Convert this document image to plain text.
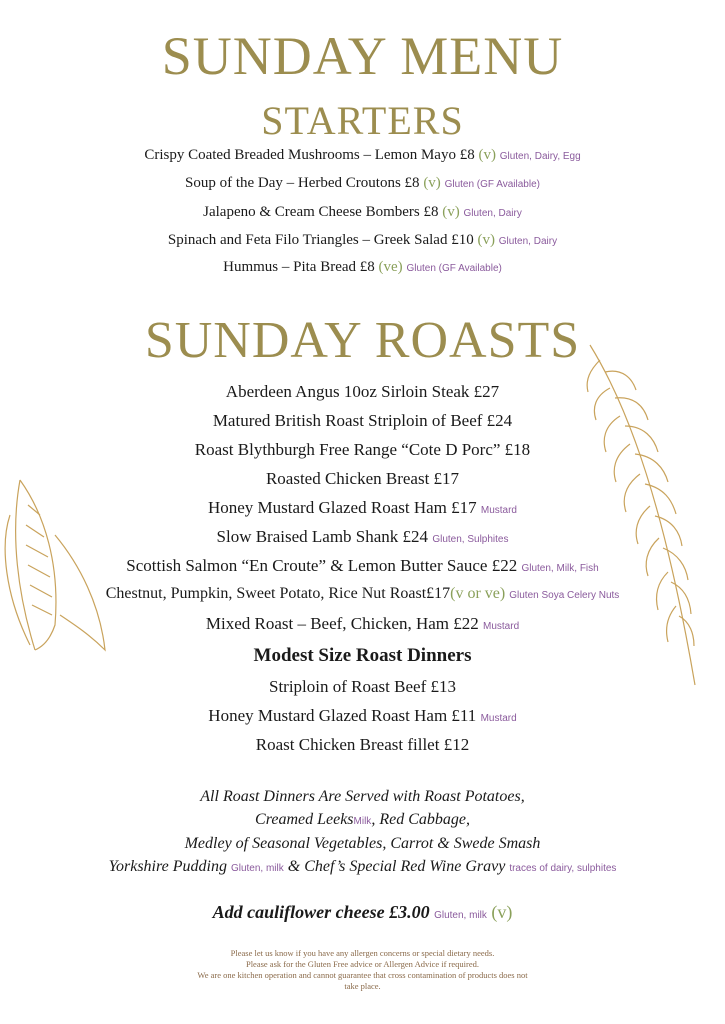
SUNDAY MENU
STARTERS
Crispy Coated Breaded Mushrooms – Lemon Mayo £8 (v) Gluten, Dairy, Egg
Soup of the Day – Herbed Croutons £8 (v) Gluten (GF Available)
Jalapeno & Cream Cheese Bombers £8 (v) Gluten, Dairy
Spinach and Feta Filo Triangles – Greek Salad £10 (v) Gluten, Dairy
Hummus – Pita Bread £8 (ve) Gluten (GF Available)
SUNDAY ROASTS
Aberdeen Angus 10oz Sirloin Steak £27
Matured British Roast Striploin of Beef £24
Roast Blythburgh Free Range “Cote D Porc” £18
Roasted Chicken Breast £17
Honey Mustard Glazed Roast Ham £17 Mustard
Slow Braised Lamb Shank £24 Gluten, Sulphites
Scottish Salmon “En Croute” & Lemon Butter Sauce £22 Gluten, Milk, Fish
Chestnut, Pumpkin, Sweet Potato, Rice Nut Roast£17(v or ve) Gluten Soya Celery Nuts
Mixed Roast – Beef, Chicken, Ham £22 Mustard
Modest Size Roast Dinners
Striploin of Roast Beef £13
Honey Mustard Glazed Roast Ham £11 Mustard
Roast Chicken Breast fillet £12
All Roast Dinners Are Served with Roast Potatoes,
Creamed LeeksMilk, Red Cabbage,
Medley of Seasonal Vegetables, Carrot & Swede Smash
Yorkshire Pudding Gluten, milk & Chef’s Special Red Wine Gravy traces of dairy, sulphites
Add cauliflower cheese £3.00 Gluten, milk (v)
Please let us know if you have any allergen concerns or special dietary needs.
Please ask for the Gluten Free advice or Allergen Advice if required.
We are one kitchen operation and cannot guarantee that cross contamination of products does not
take place.
